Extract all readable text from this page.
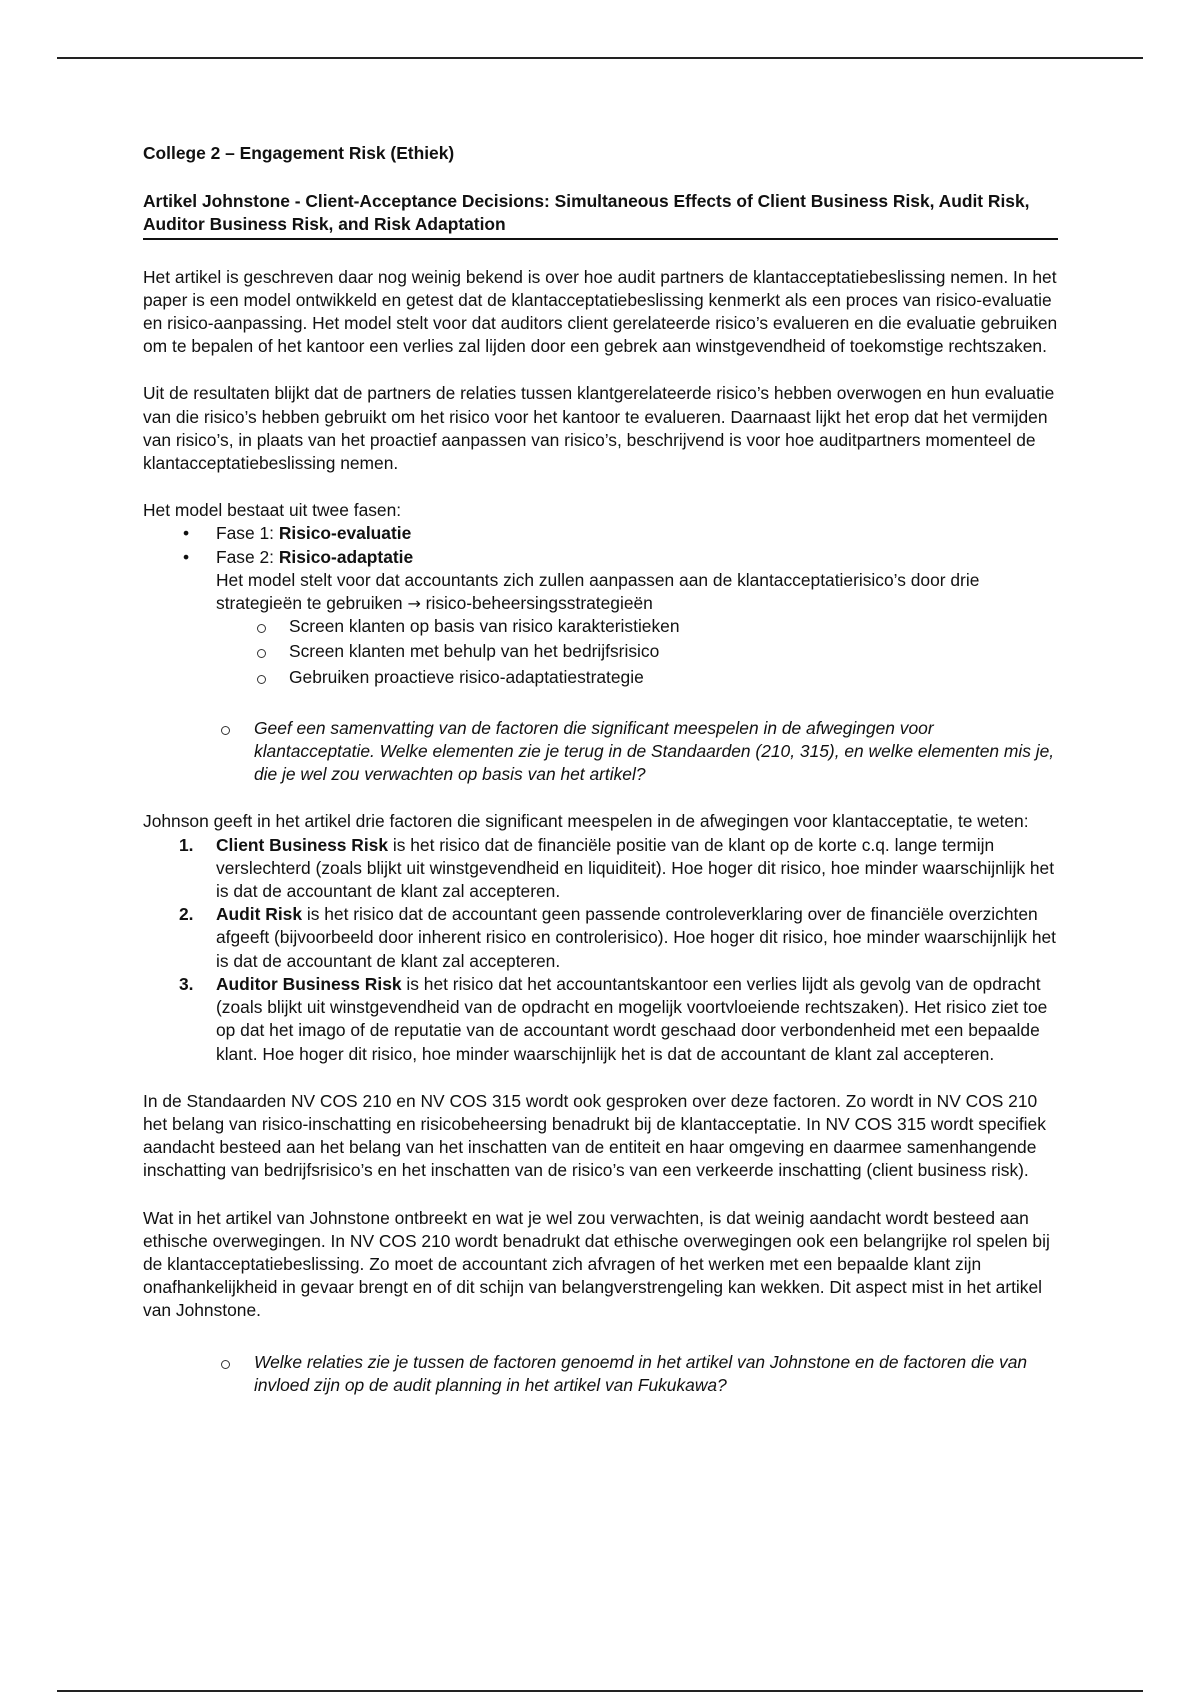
College 2 – Engagement Risk (Ethiek)

Artikel Johnstone - Client-Acceptance Decisions: Simultaneous Effects of Client Business Risk, Audit Risk, Auditor Business Risk, and Risk Adaptation

Het artikel is geschreven daar nog weinig bekend is over hoe audit partners de klantacceptatiebeslissing nemen. In het paper is een model ontwikkeld en getest dat de klantacceptatiebeslissing kenmerkt als een proces van risico-evaluatie en risico-aanpassing. Het model stelt voor dat auditors client gerelateerde risico’s evalueren en die evaluatie gebruiken om te bepalen of het kantoor een verlies zal lijden door een gebrek aan winstgevendheid of toekomstige rechtszaken.

Uit de resultaten blijkt dat de partners de relaties tussen klantgerelateerde risico’s hebben overwogen en hun evaluatie van die risico’s hebben gebruikt om het risico voor het kantoor te evalueren. Daarnaast lijkt het erop dat het vermijden van risico’s, in plaats van het proactief aanpassen van risico’s, beschrijvend is voor hoe auditpartners momenteel de klantacceptatiebeslissing nemen.

Het model bestaat uit twee fasen:

• Fase 1: Risico-evaluatie
• Fase 2: Risico-adaptatie

Het model stelt voor dat accountants zich zullen aanpassen aan de klantacceptatierisico’s door drie strategieën te gebruiken → risico-beheersingsstrategieën

Screen klanten op basis van risico karakteristieken
Screen klanten met behulp van het bedrijfsrisico
Gebruiken proactieve risico-adaptatiestrategie

Geef een samenvatting van de factoren die significant meespelen in de afwegingen voor klantacceptatie. Welke elementen zie je terug in de Standaarden (210, 315), en welke elementen mis je, die je wel zou verwachten op basis van het artikel?

Johnson geeft in het artikel drie factoren die significant meespelen in de afwegingen voor klantacceptatie, te weten:

1. Client Business Risk is het risico dat de financiële positie van de klant op de korte c.q. lange termijn verslechterd (zoals blijkt uit winstgevendheid en liquiditeit). Hoe hoger dit risico, hoe minder waarschijnlijk het is dat de accountant de klant zal accepteren.
2. Audit Risk is het risico dat de accountant geen passende controleverklaring over de financiële overzichten afgeeft (bijvoorbeeld door inherent risico en controlerisico). Hoe hoger dit risico, hoe minder waarschijnlijk het is dat de accountant de klant zal accepteren.
3. Auditor Business Risk is het risico dat het accountantskantoor een verlies lijdt als gevolg van de opdracht (zoals blijkt uit winstgevendheid van de opdracht en mogelijk voortvloeiende rechtszaken). Het risico ziet toe op dat het imago of de reputatie van de accountant wordt geschaad door verbondenheid met een bepaalde klant. Hoe hoger dit risico, hoe minder waarschijnlijk het is dat de accountant de klant zal accepteren.

In de Standaarden NV COS 210 en NV COS 315 wordt ook gesproken over deze factoren. Zo wordt in NV COS 210 het belang van risico-inschatting en risicobeheersing benadrukt bij de klantacceptatie. In NV COS 315 wordt specifiek aandacht besteed aan het belang van het inschatten van de entiteit en haar omgeving en daarmee samenhangende inschatting van bedrijfsrisico’s en het inschatten van de risico’s van een verkeerde inschatting (client business risk).

Wat in het artikel van Johnstone ontbreekt en wat je wel zou verwachten, is dat weinig aandacht wordt besteed aan ethische overwegingen. In NV COS 210 wordt benadrukt dat ethische overwegingen ook een belangrijke rol spelen bij de klantacceptatiebeslissing. Zo moet de accountant zich afvragen of het werken met een bepaalde klant zijn onafhankelijkheid in gevaar brengt en of dit schijn van belangverstrengeling kan wekken. Dit aspect mist in het artikel van Johnstone.

Welke relaties zie je tussen de factoren genoemd in het artikel van Johnstone en de factoren die van invloed zijn op de audit planning in het artikel van Fukukawa?
